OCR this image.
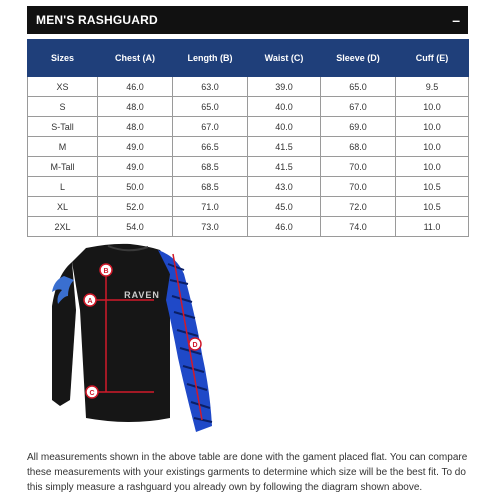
MEN'S RASHGUARD	–
Sizes	Chest (A)	Length (B)	Waist (C)	Sleeve (D)	Cuff (E)
XS	46.0	63.0	39.0	65.0	9.5
S	48.0	65.0	40.0	67.0	10.0
S-Tall	48.0	67.0	40.0	69.0	10.0
M	49.0	66.5	41.5	68.0	10.0
M-Tall	49.0	68.5	41.5	70.0	10.0
L	50.0	68.5	43.0	70.0	10.5
XL	52.0	71.0	45.0	72.0	10.5
2XL	54.0	73.0	46.0	74.0	11.0
RAVEN
A
B
C
D

All measurements shown in the above table are done with the gament placed flat. You can compare these measurements with your existings garments to determine which size will be the best fit. To do this simply measure a rashguard you already own by following the diagram shown above.
